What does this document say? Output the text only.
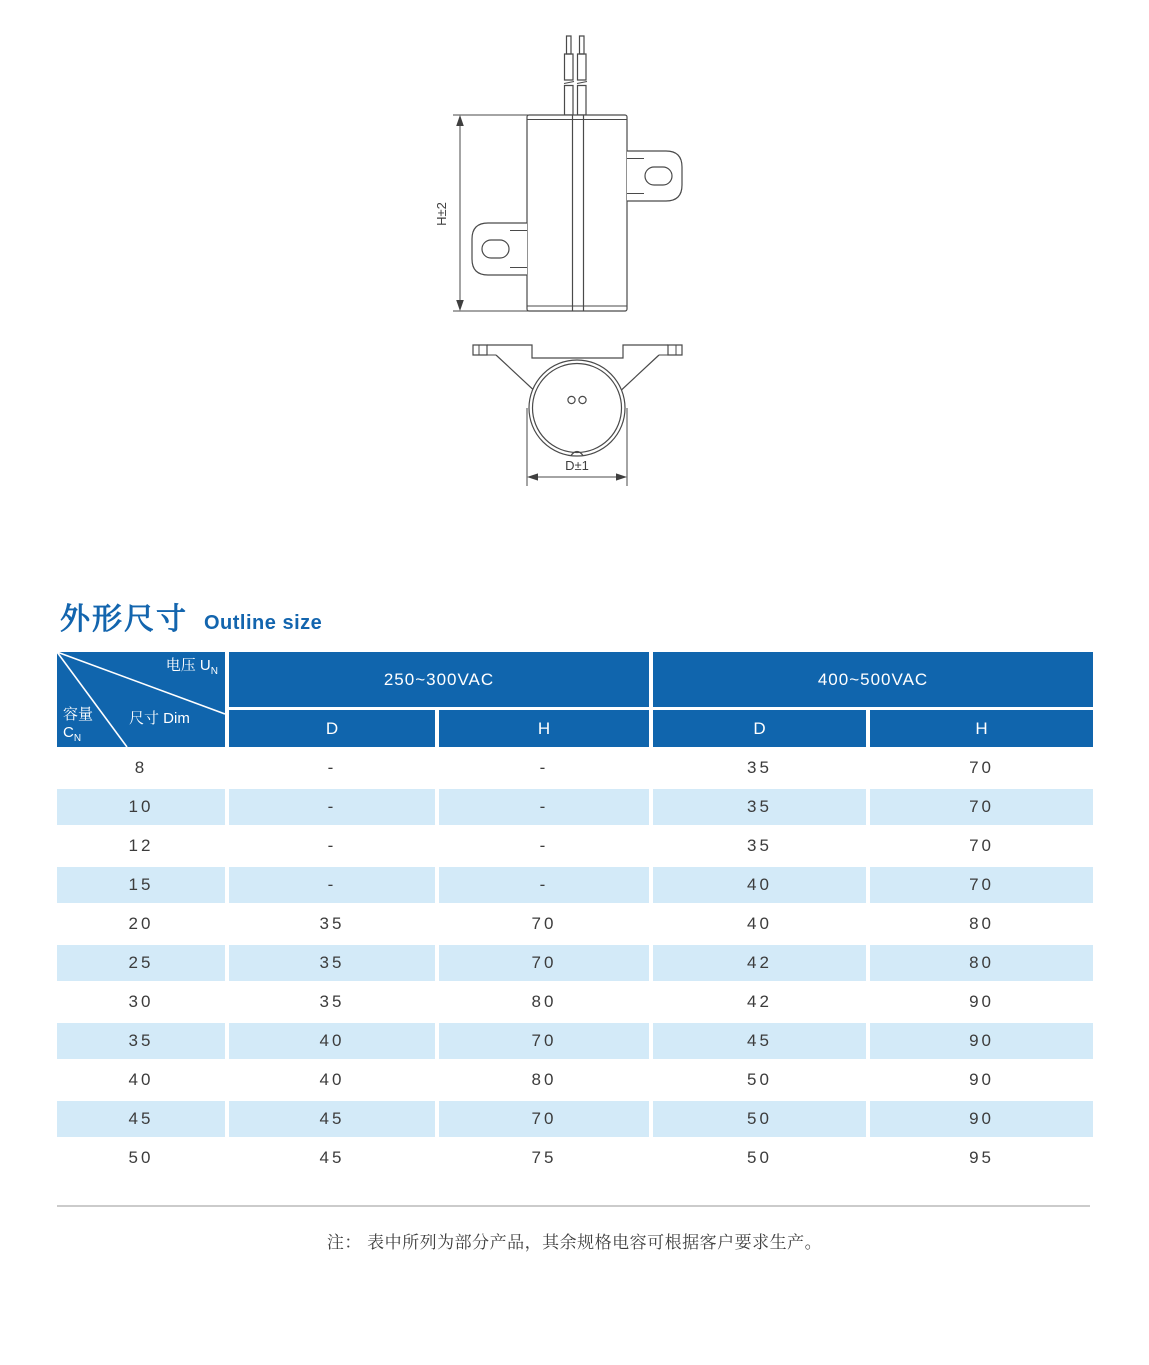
H±2
D±1
外形尺寸 Outline size
电压 $U_N$
尺寸 Dim
容量
$C_N$	250~300VAC		400~500VAC	
	D	H	D	H
8	-	-	35	70
10	-	-	35	70
12	-	-	35	70
15	-	-	40	70
20	35	70	40	80
25	35	70	42	80
30	35	80	42	90
35	40	70	45	90
40	40	80	50	90
45	45	70	50	90
50	45	75	50	95
注： 表中所列为部分产品，其余规格电容可根据客户要求生产。
